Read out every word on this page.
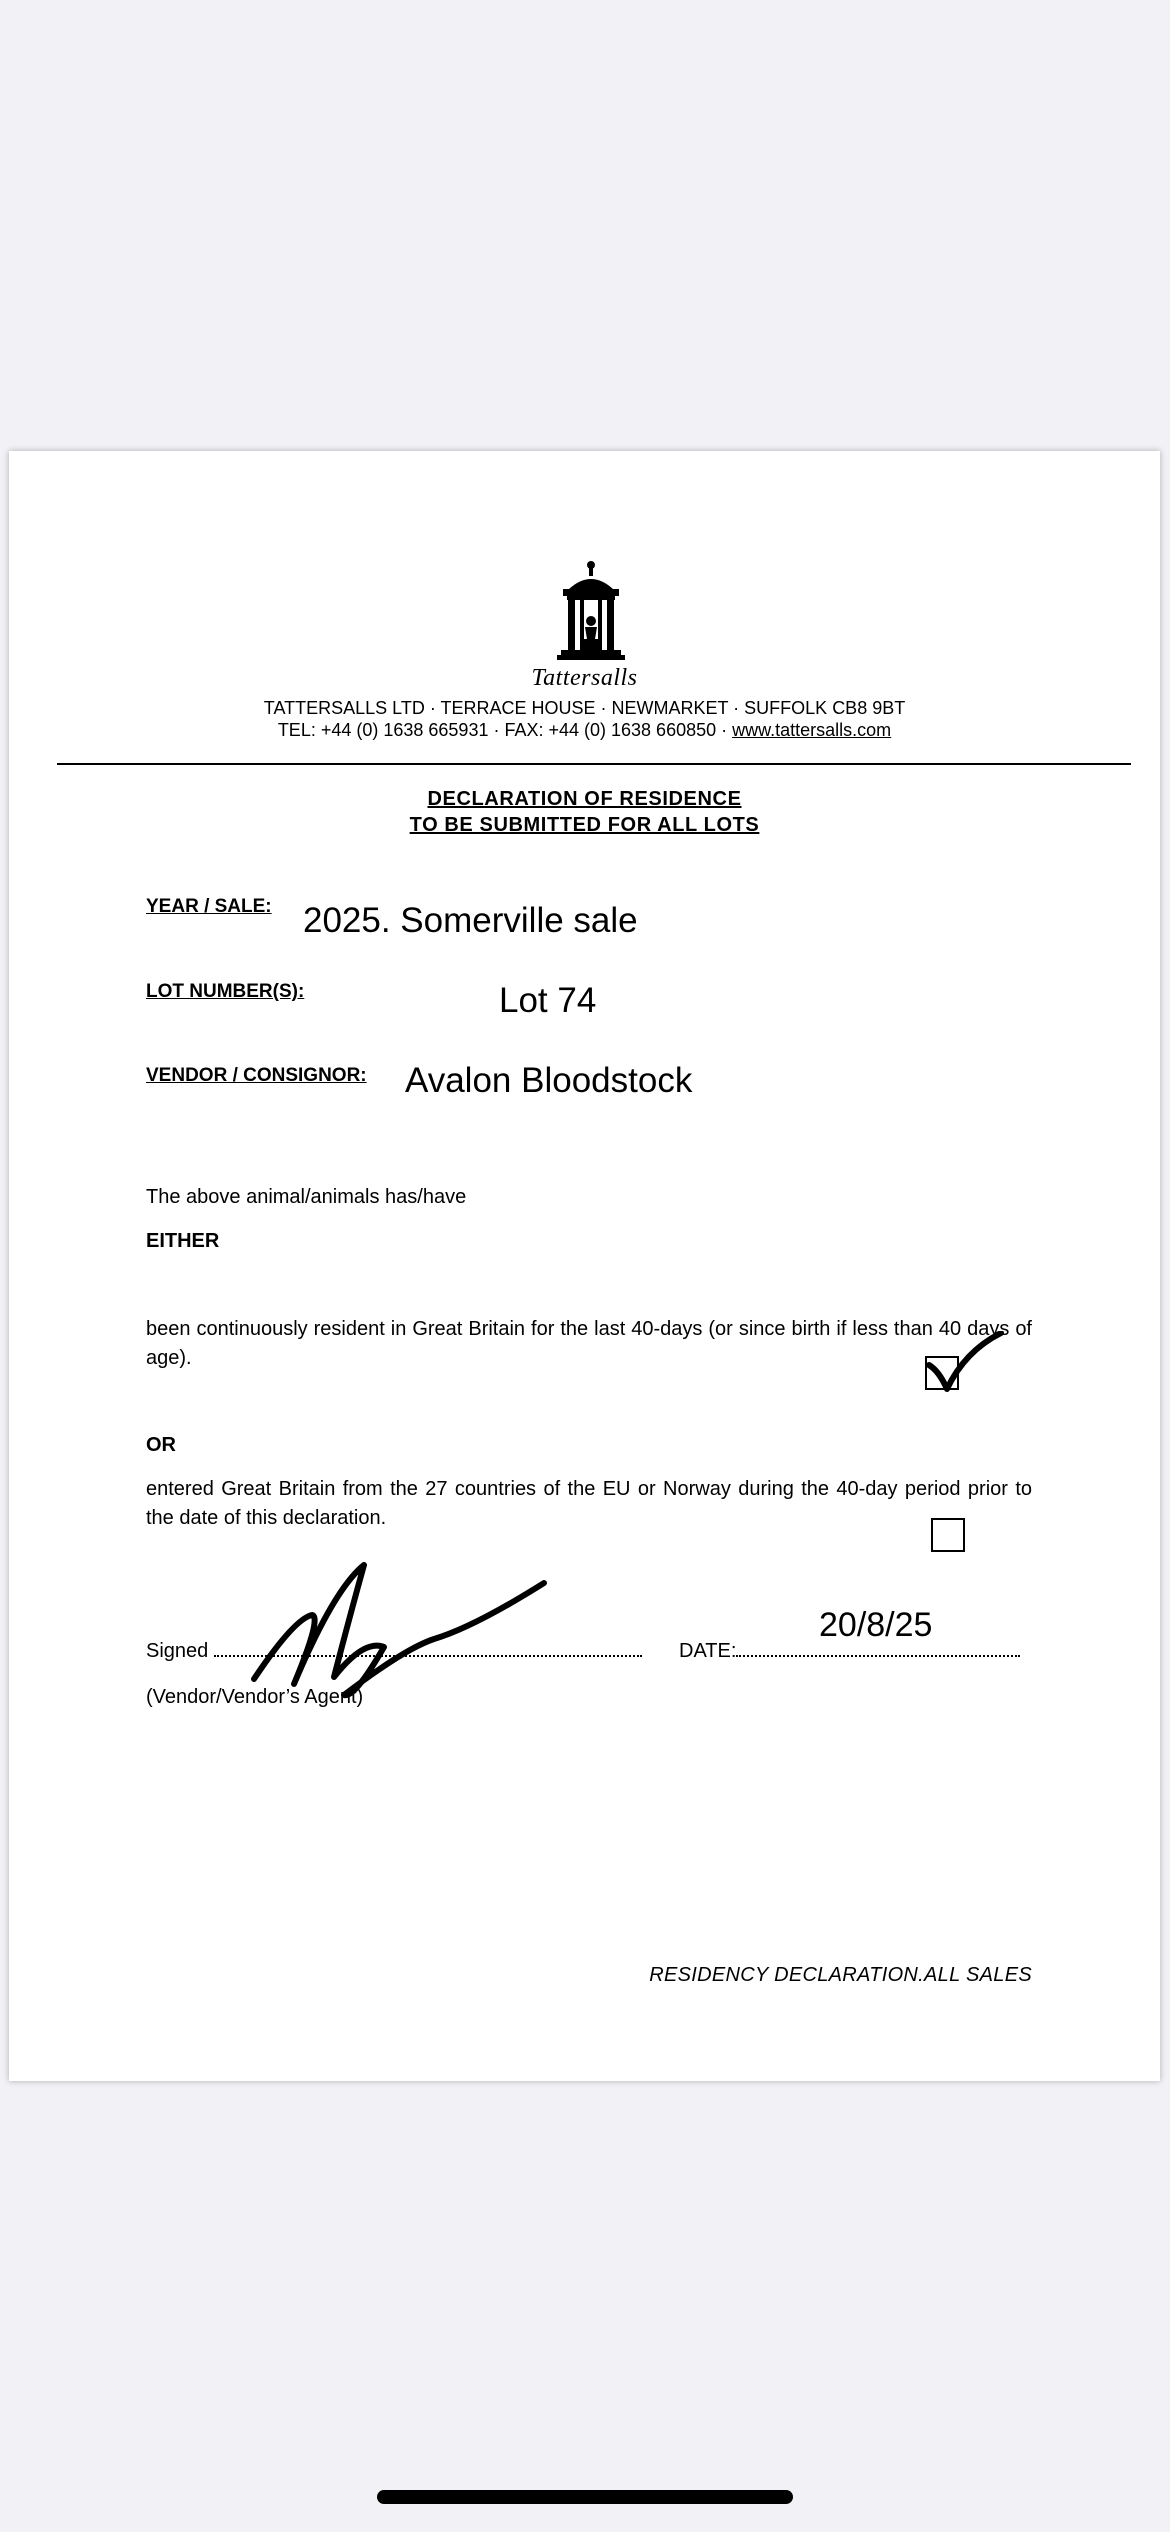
Tattersalls
TATTERSALLS LTD · TERRACE HOUSE · NEWMARKET · SUFFOLK CB8 9BT
TEL: +44 (0) 1638 665931 · FAX: +44 (0) 1638 660850 · www.tattersalls.com
DECLARATION OF RESIDENCE
TO BE SUBMITTED FOR ALL LOTS
YEAR / SALE: 2025. Somerville sale
LOT NUMBER(S):	Lot 74
VENDOR / CONSIGNOR: Avalon Bloodstock
The above animal/animals has/have
EITHER
been continuously resident in Great Britain for the last 40-days (or since birth if less than 40 days of age).
OR
entered Great Britain from the 27 countries of the EU or Norway during the 40-day period prior to the date of this declaration.
Signed	DATE:
20/8/25
(Vendor/Vendor’s Agent)
RESIDENCY DECLARATION.ALL SALES
